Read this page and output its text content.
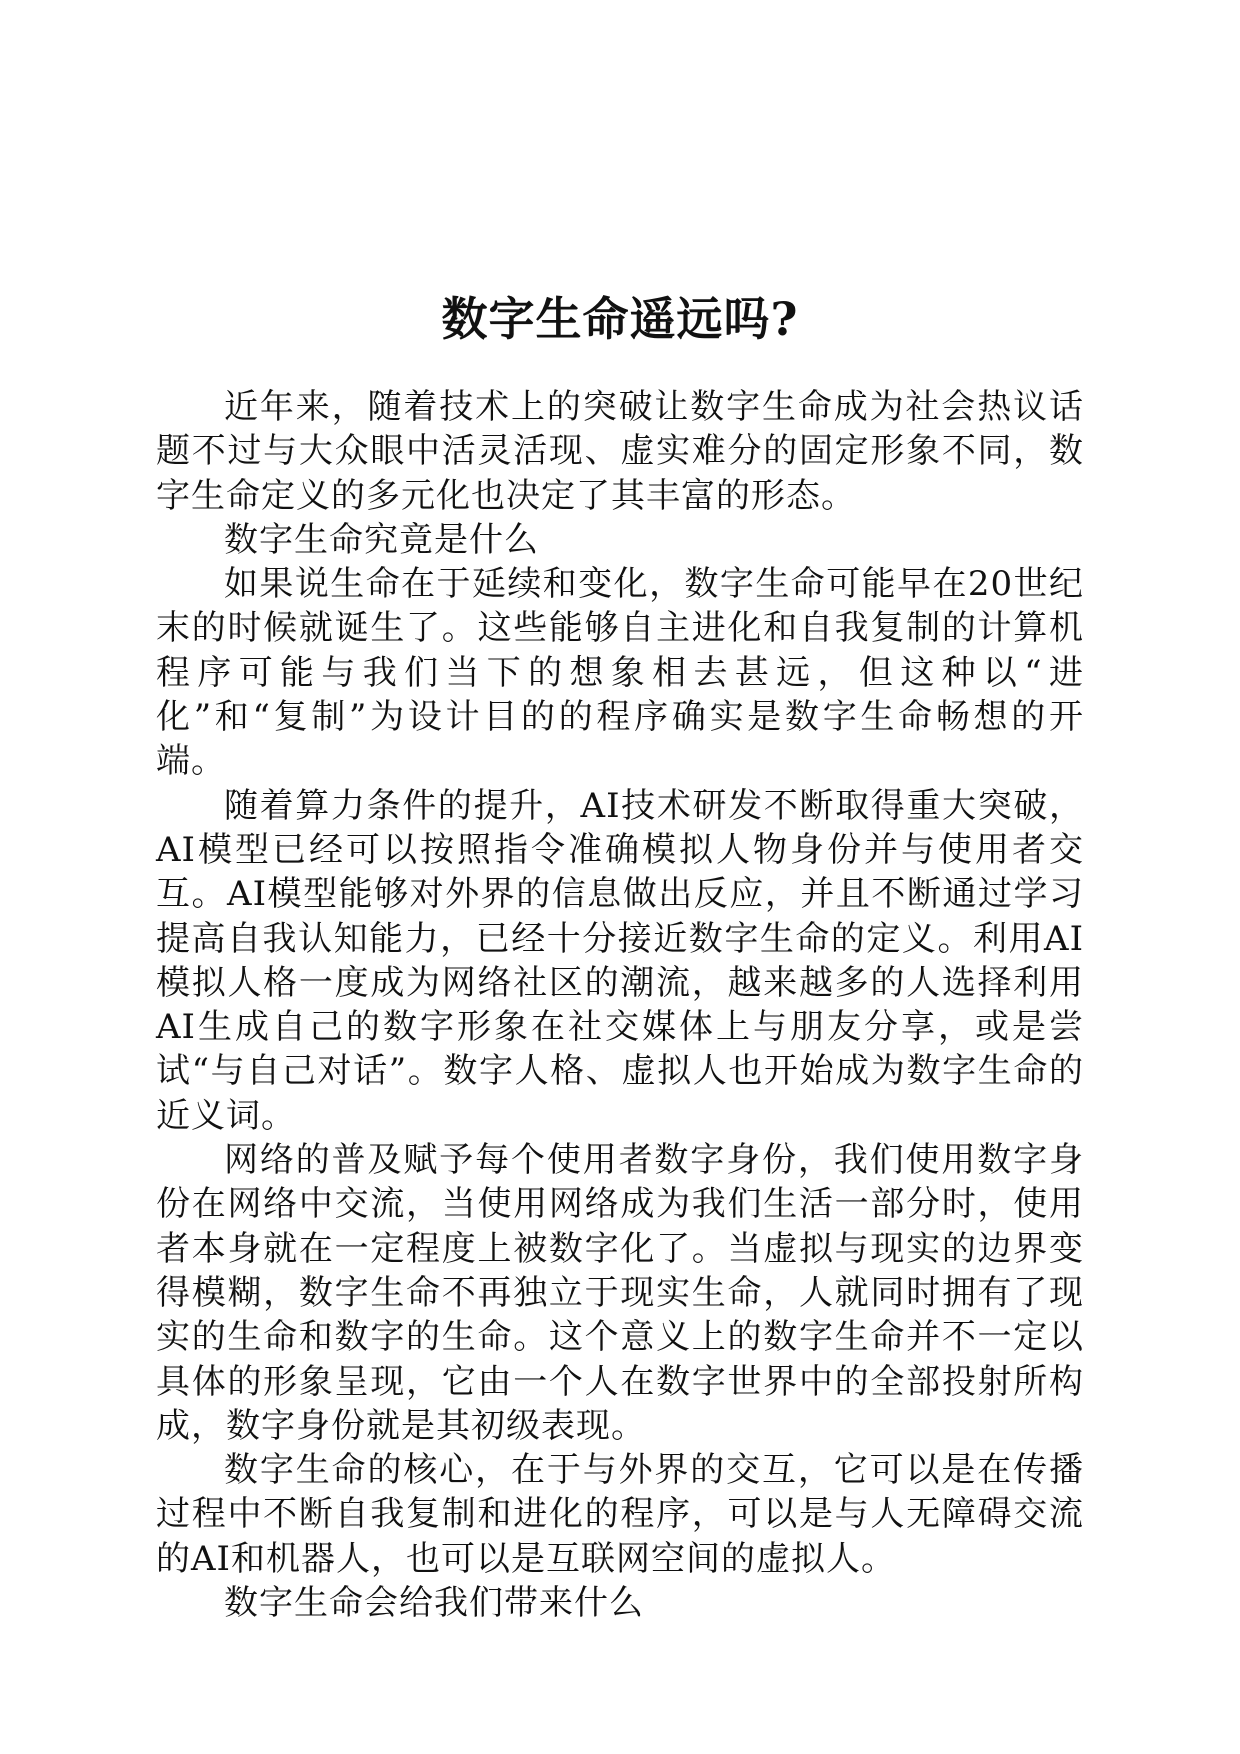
数字生命遥远吗?

近年来，随着技术上的突破让数字生命成为社会热议话题不过与大众眼中活灵活现、虚实难分的固定形象不同，数字生命定义的多元化也决定了其丰富的形态。

数字生命究竟是什么

如果说生命在于延续和变化，数字生命可能早在20世纪末的时候就诞生了。这些能够自主进化和自我复制的计算机程序可能与我们当下的想象相去甚远，但这种以“进化”和“复制”为设计目的的程序确实是数字生命畅想的开端。

随着算力条件的提升，AI技术研发不断取得重大突破，AI模型已经可以按照指令准确模拟人物身份并与使用者交互。AI模型能够对外界的信息做出反应，并且不断通过学习提高自我认知能力，已经十分接近数字生命的定义。利用AI模拟人格一度成为网络社区的潮流，越来越多的人选择利用AI生成自己的数字形象在社交媒体上与朋友分享，或是尝试“与自己对话”。数字人格、虚拟人也开始成为数字生命的近义词。

网络的普及赋予每个使用者数字身份，我们使用数字身份在网络中交流，当使用网络成为我们生活一部分时，使用者本身就在一定程度上被数字化了。当虚拟与现实的边界变得模糊，数字生命不再独立于现实生命，人就同时拥有了现实的生命和数字的生命。这个意义上的数字生命并不一定以具体的形象呈现，它由一个人在数字世界中的全部投射所构成，数字身份就是其初级表现。

数字生命的核心，在于与外界的交互，它可以是在传播过程中不断自我复制和进化的程序，可以是与人无障碍交流的AI和机器人，也可以是互联网空间的虚拟人。

数字生命会给我们带来什么
